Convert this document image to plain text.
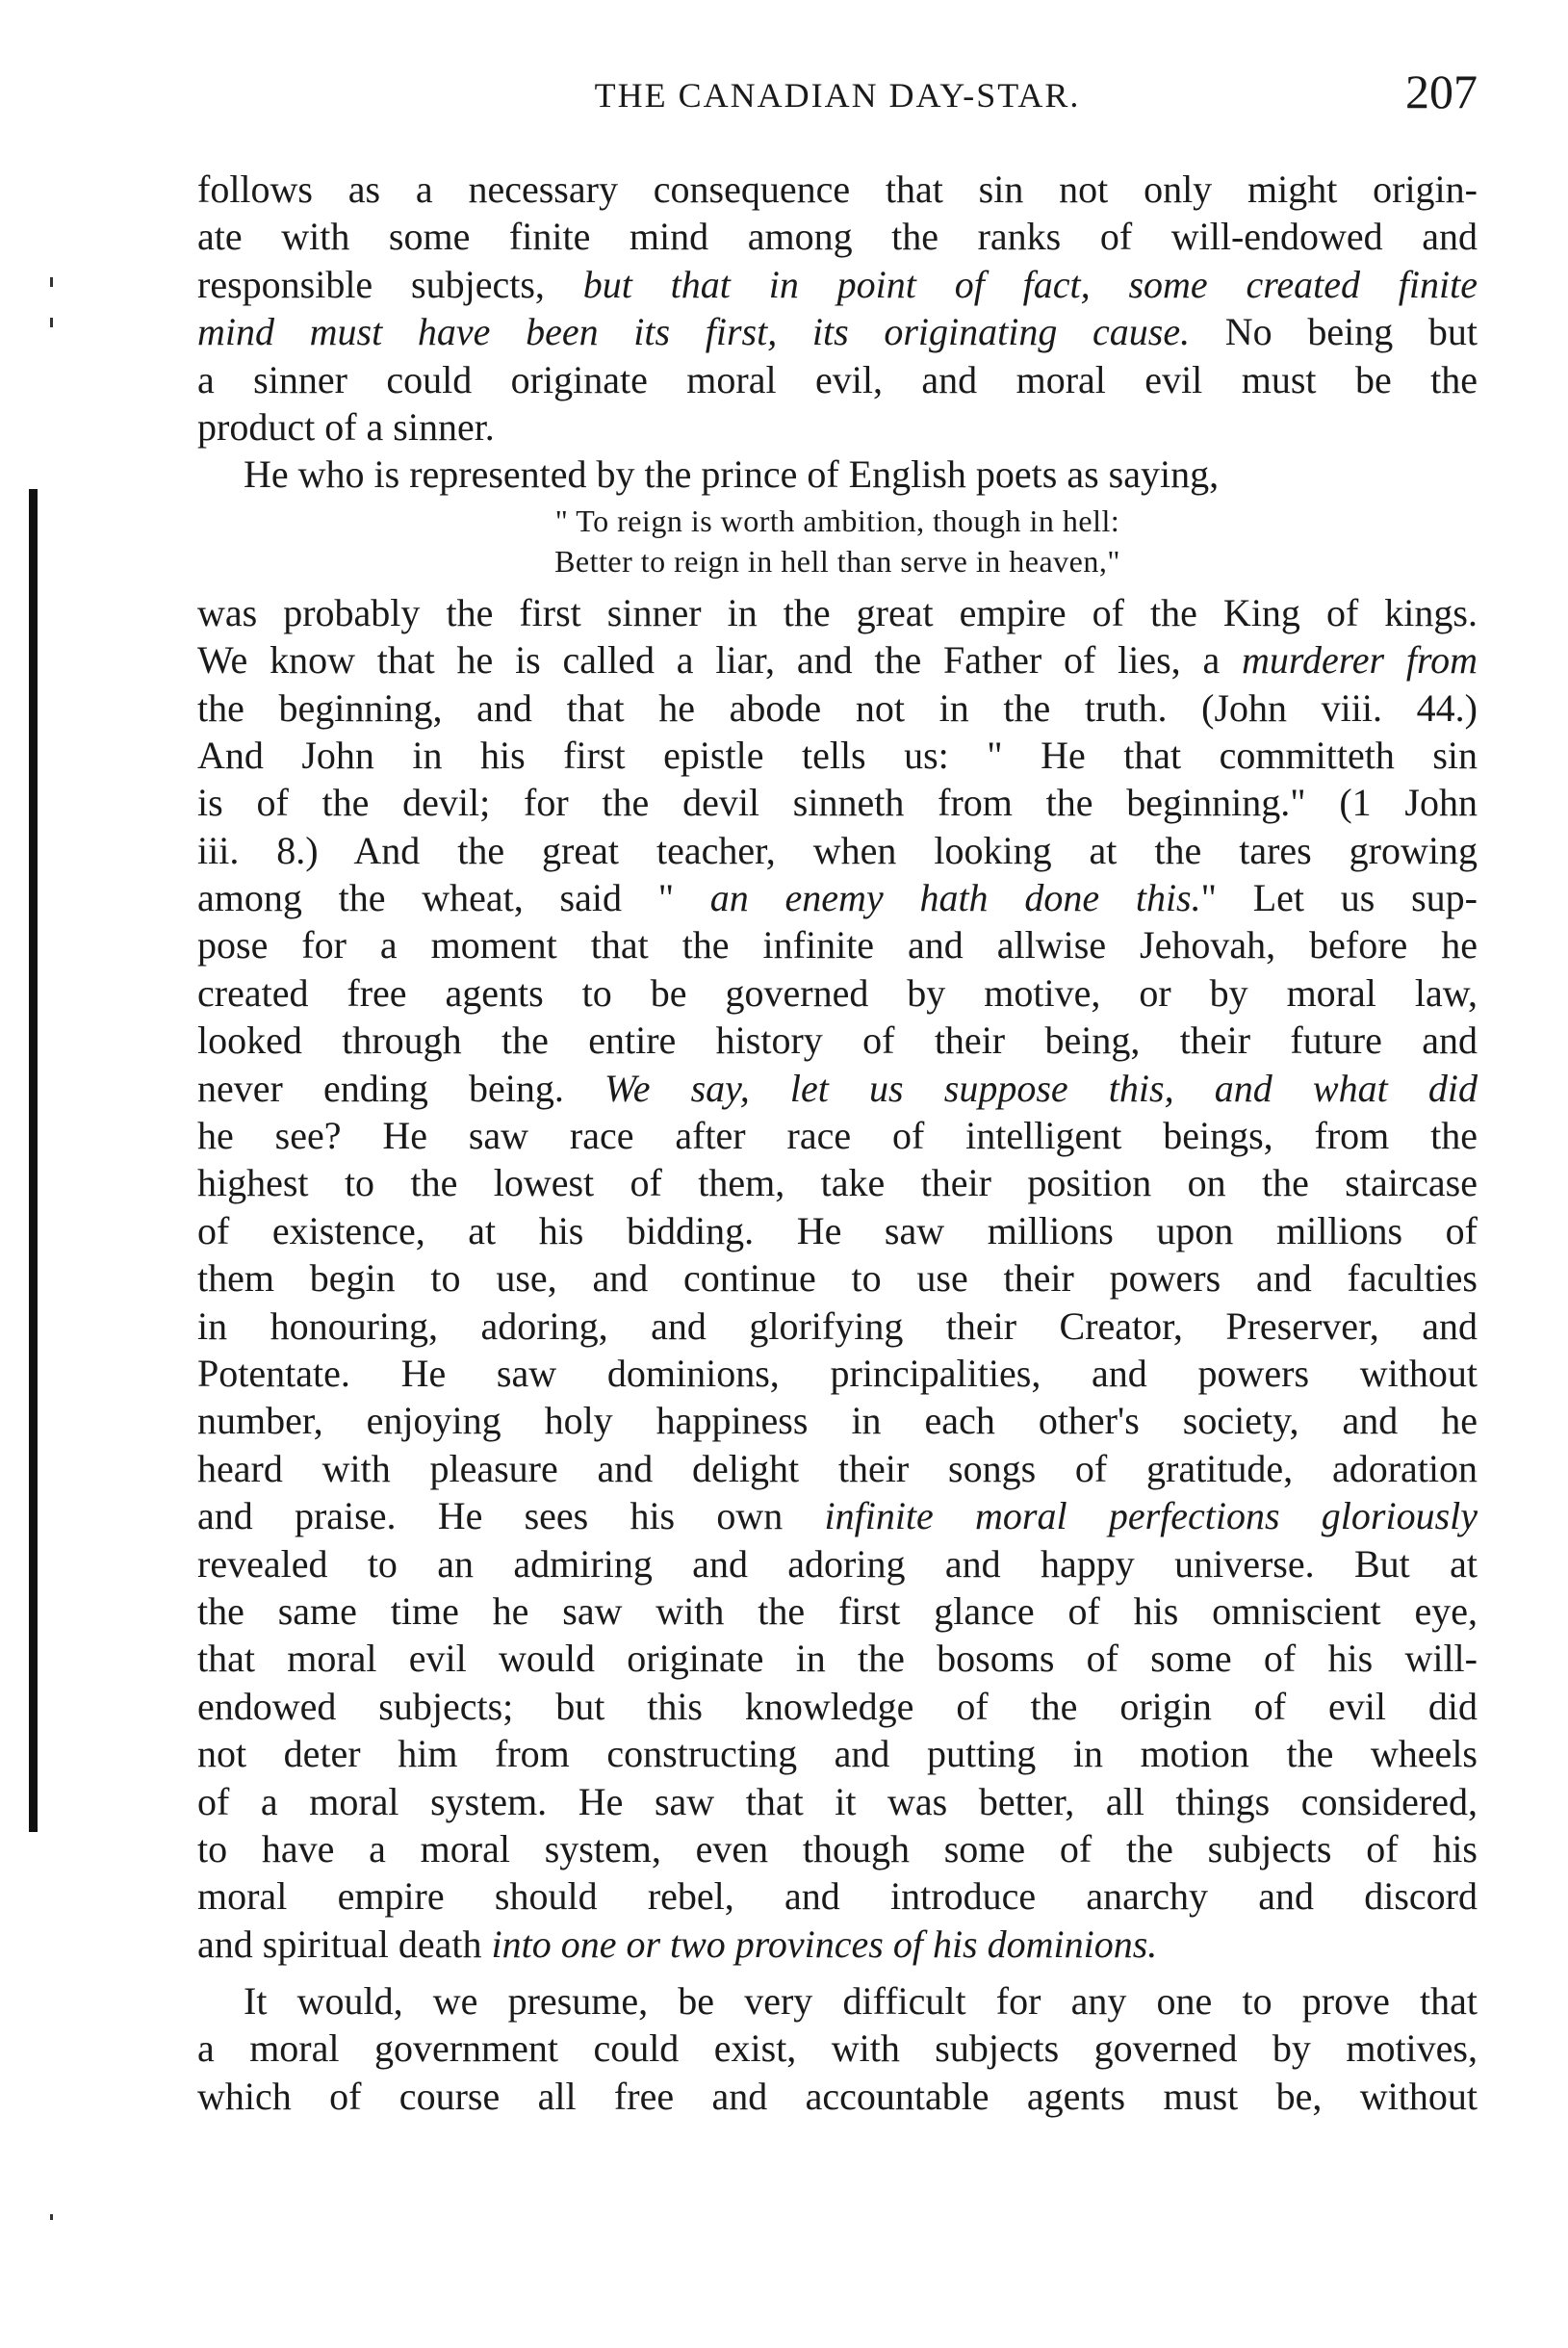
THE CANADIAN DAY-STAR.	207
follows as a necessary consequence that sin not only might origin-
ate with some finite mind among the ranks of will-endowed and
responsible subjects, but that in point of fact, some created finite
mind must have been its first, its originating cause. No being but
a sinner could originate moral evil, and moral evil must be the
product of a sinner.
He who is represented by the prince of English poets as saying,
" To reign is worth ambition, though in hell:
Better to reign in hell than serve in heaven,"
was probably the first sinner in the great empire of the King of kings.
We know that he is called a liar, and the Father of lies, a murderer from
the beginning, and that he abode not in the truth. (John viii. 44.)
And John in his first epistle tells us: " He that committeth sin
is of the devil; for the devil sinneth from the beginning." (1 John
iii. 8.) And the great teacher, when looking at the tares growing
among the wheat, said " an enemy hath done this." Let us sup-
pose for a moment that the infinite and allwise Jehovah, before he
created free agents to be governed by motive, or by moral law,
looked through the entire history of their being, their future and
never ending being. We say, let us suppose this, and what did
he see? He saw race after race of intelligent beings, from the
highest to the lowest of them, take their position on the staircase
of existence, at his bidding. He saw millions upon millions of
them begin to use, and continue to use their powers and faculties
in honouring, adoring, and glorifying their Creator, Preserver, and
Potentate. He saw dominions, principalities, and powers without
number, enjoying holy happiness in each other's society, and he
heard with pleasure and delight their songs of gratitude, adoration
and praise. He sees his own infinite moral perfections gloriously
revealed to an admiring and adoring and happy universe. But at
the same time he saw with the first glance of his omniscient eye,
that moral evil would originate in the bosoms of some of his will-
endowed subjects; but this knowledge of the origin of evil did
not deter him from constructing and putting in motion the wheels
of a moral system. He saw that it was better, all things considered,
to have a moral system, even though some of the subjects of his
moral empire should rebel, and introduce anarchy and discord
and spiritual death into one or two provinces of his dominions.
It would, we presume, be very difficult for any one to prove that
a moral government could exist, with subjects governed by motives,
which of course all free and accountable agents must be, without
